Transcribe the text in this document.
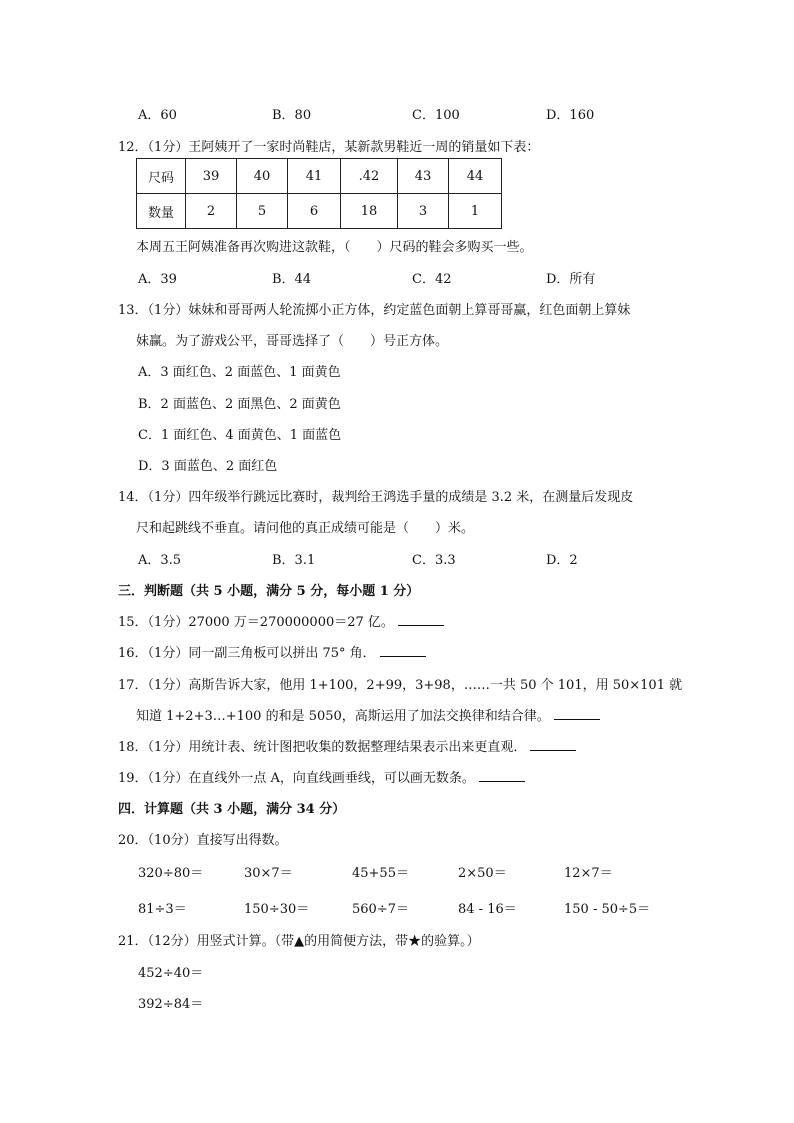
A．60	B．80	C．100	D．160
12．（1分）王阿姨开了一家时尚鞋店，某新款男鞋近一周的销量如下表：
尺码	39	40	41	.42	43	44
数量	2	5	6	18	3	1
本周五王阿姨准备再次购进这款鞋，（　　）尺码的鞋会多购买一些。
A．39	B．44	C．42	D．所有
13．（1分）妹妹和哥哥两人轮流掷小正方体，约定蓝色面朝上算哥哥赢，红色面朝上算妹
妹赢。为了游戏公平，哥哥选择了（　　）号正方体。
A．3 面红色、2 面蓝色、1 面黄色
B．2 面蓝色、2 面黑色、2 面黄色
C．1 面红色、4 面黄色、1 面蓝色
D．3 面蓝色、2 面红色
14．（1分）四年级举行跳远比赛时，裁判给王鸿选手量的成绩是 3.2 米，在测量后发现皮
尺和起跳线不垂直。请问他的真正成绩可能是（　　）米。
A．3.5	B．3.1	C．3.3	D．2
三．判断题（共 5 小题，满分 5 分，每小题 1 分）
15．（1分）27000 万＝270000000＝27 亿。
16．（1分）同一副三角板可以拼出 75° 角．
17．（1分）高斯告诉大家，他用 1+100，2+99，3+98，……一共 50 个 101，用 50×101 就
知道 1+2+3…+100 的和是 5050，高斯运用了加法交换律和结合律。
18．（1分）用统计表、统计图把收集的数据整理结果表示出来更直观．
19．（1分）在直线外一点 A，向直线画垂线，可以画无数条。
四．计算题（共 3 小题，满分 34 分）
20．（10分）直接写出得数。
320÷80＝	30×7＝	45+55＝	2×50＝	12×7＝
81÷3＝	150÷30＝	560÷7＝	84 - 16＝	150 - 50÷5＝
21．（12分）用竖式计算。（带▲的用简便方法，带★的验算。）
452÷40＝
392÷84＝
